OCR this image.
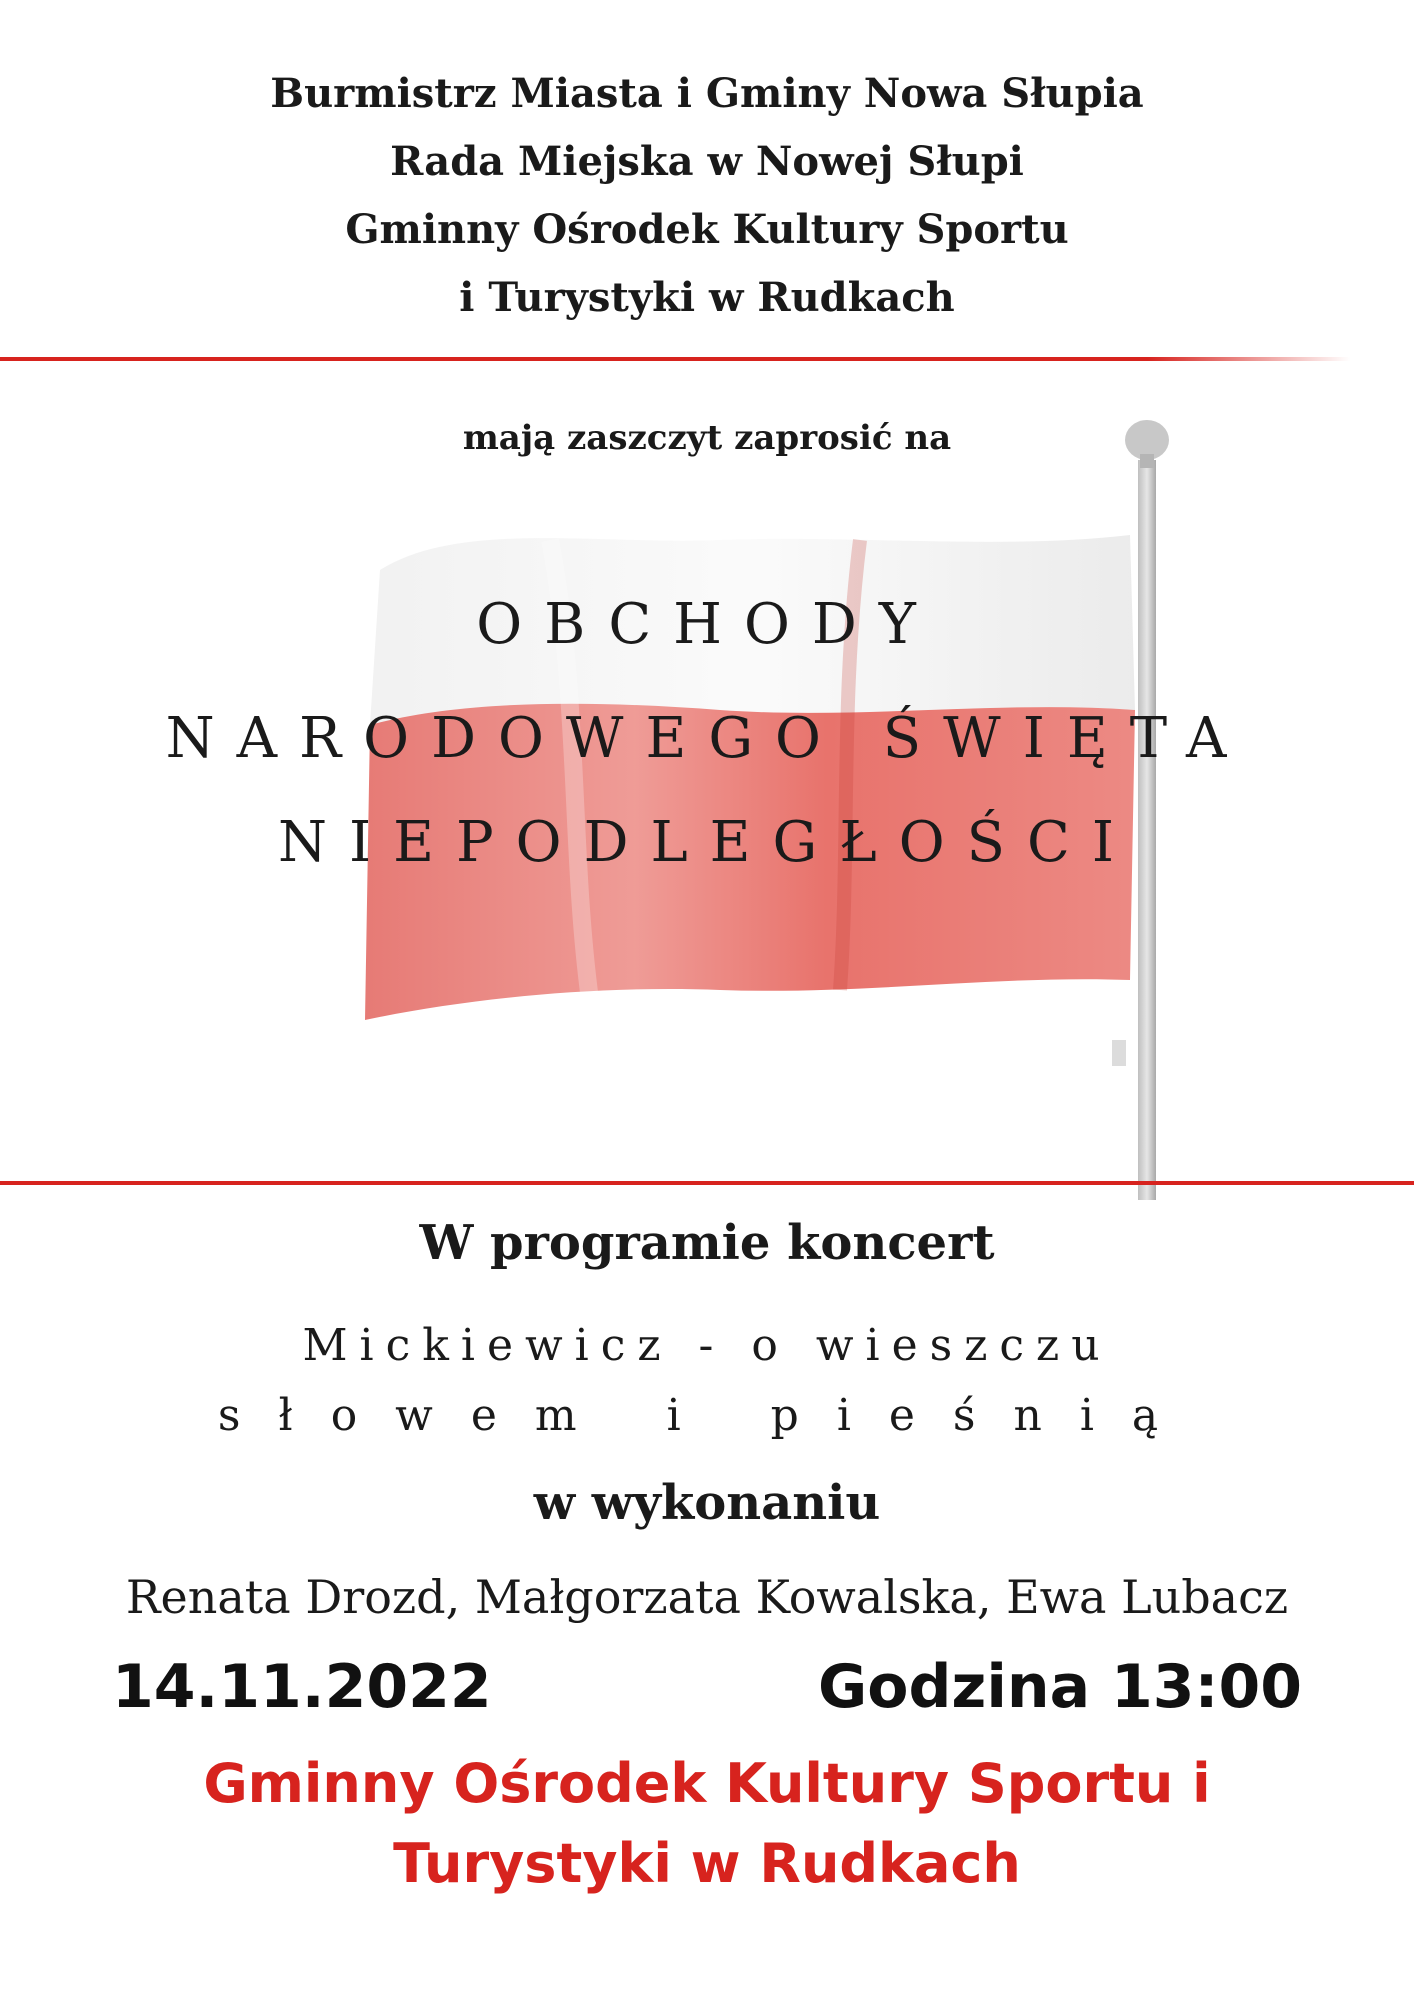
Burmistrz Miasta i Gminy Nowa Słupia
Rada Miejska w Nowej Słupi
Gminny Ośrodek Kultury Sportu
i Turystyki w Rudkach
mają zaszczyt zaprosić na
OBCHODY
NARODOWEGO ŚWIĘTA
NIEPODLEGŁOŚCI
W programie koncert
Mickiewicz - o wieszczu
słowem i pieśnią
w wykonaniu
Renata Drozd, Małgorzata Kowalska, Ewa Lubacz
14.11.2022	Godzina 13:00
Gminny Ośrodek Kultury Sportu i
Turystyki w Rudkach
